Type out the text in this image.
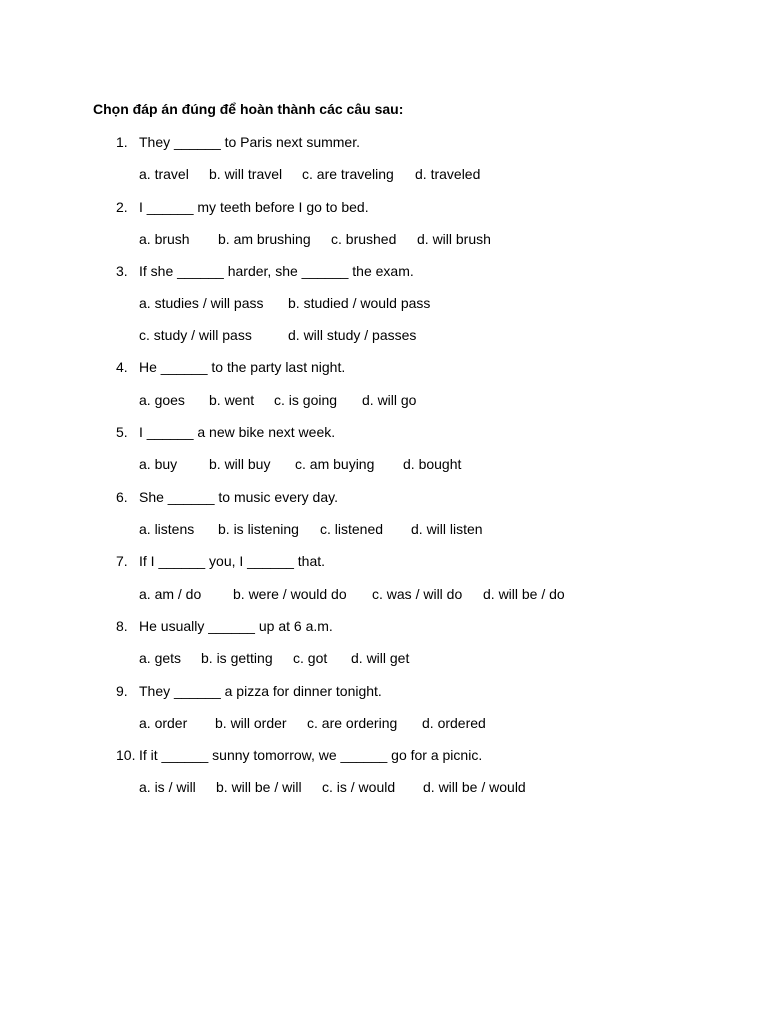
Chọn đáp án đúng để hoàn thành các câu sau:
1. They ______ to Paris next summer.
a. travel b. will travel c. are traveling d. traveled
2. I ______ my teeth before I go to bed.
a. brush b. am brushing c. brushed d. will brush
3. If she ______ harder, she ______ the exam.
a. studies / will pass b. studied / would pass
c. study / will pass	d. will study / passes
4. He ______ to the party last night.
a. goes b. went c. is going d. will go
5. I ______ a new bike next week.
a. buy b. will buy c. am buying d. bought
6. She ______ to music every day.
a. listens b. is listening c. listened d. will listen
7. If I ______ you, I ______ that.
a. am / do b. were / would do c. was / will do d. will be / do
8. He usually ______ up at 6 a.m.
a. gets b. is getting c. got d. will get
9. They ______ a pizza for dinner tonight.
a. order b. will order c. are ordering d. ordered
10. If it ______ sunny tomorrow, we ______ go for a picnic.
a. is / will b. will be / will c. is / would d. will be / would
